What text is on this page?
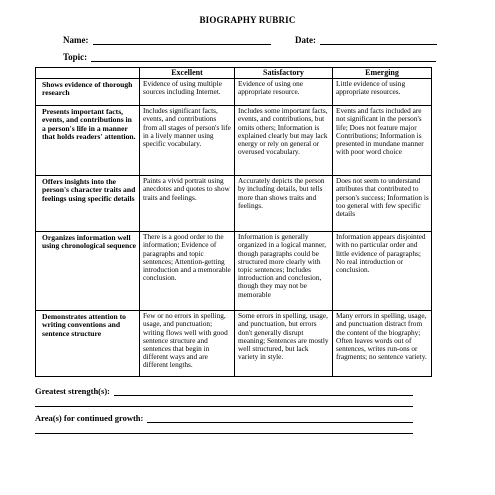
BIOGRAPHY RUBRIC
Name:	Date:
Topic:
	Excellent	Satisfactory	Emerging
Shows evidence of thorough research	Evidence of using multiple sources including Internet.	Evidence of using one appropriate resource.	Little evidence of using appropriate resources.
Presents important facts, events, and contributions in a person's life in a manner that holds readers' attention.	Includes significant facts, events, and contributions from all stages of person's life in a lively manner using specific vocabulary.	Includes some important facts, events, and contributions, but omits others; Information is explained clearly but may lack energy or rely on general or overused vocabulary.	Events and facts included are not significant in the person's life; Does not feature major Contributions; Information is presented in mundane manner with poor word choice
Offers insights into the person's character traits and feelings using specific details	Paints a vivid portrait using anecdotes and quotes to show traits and feelings.	Accurately depicts the person by including details, but tells more than shows traits and feelings.	Does not seem to understand attributes that contributed to person's success; Information is too general with few specific details
Organizes information well using chronological sequence	There is a good order to the information; Evidence of paragraphs and topic sentences; Attention-getting introduction and a memorable conclusion.	Information is generally organized in a logical manner, though paragraphs could be structured more clearly with topic sentences; Includes introduction and conclusion, though they may not be memorable	Information appears disjointed with no particular order and little evidence of paragraphs; No real introduction or conclusion.
Demonstrates attention to writing conventions and sentence structure	Few or no errors in spelling, usage, and punctuation; writing flows well with good sentence structure and sentences that begin in different ways and are different lengths.	Some errors in spelling, usage, and punctuation, but errors don't generally disrupt meaning; Sentences are mostly well structured, but lack variety in style.	Many errors in spelling, usage, and punctuation distract from the content of the biography; Often leaves words out of sentences, writes run-ons or fragments; no sentence variety.
Greatest strength(s):
Area(s) for continued growth:
